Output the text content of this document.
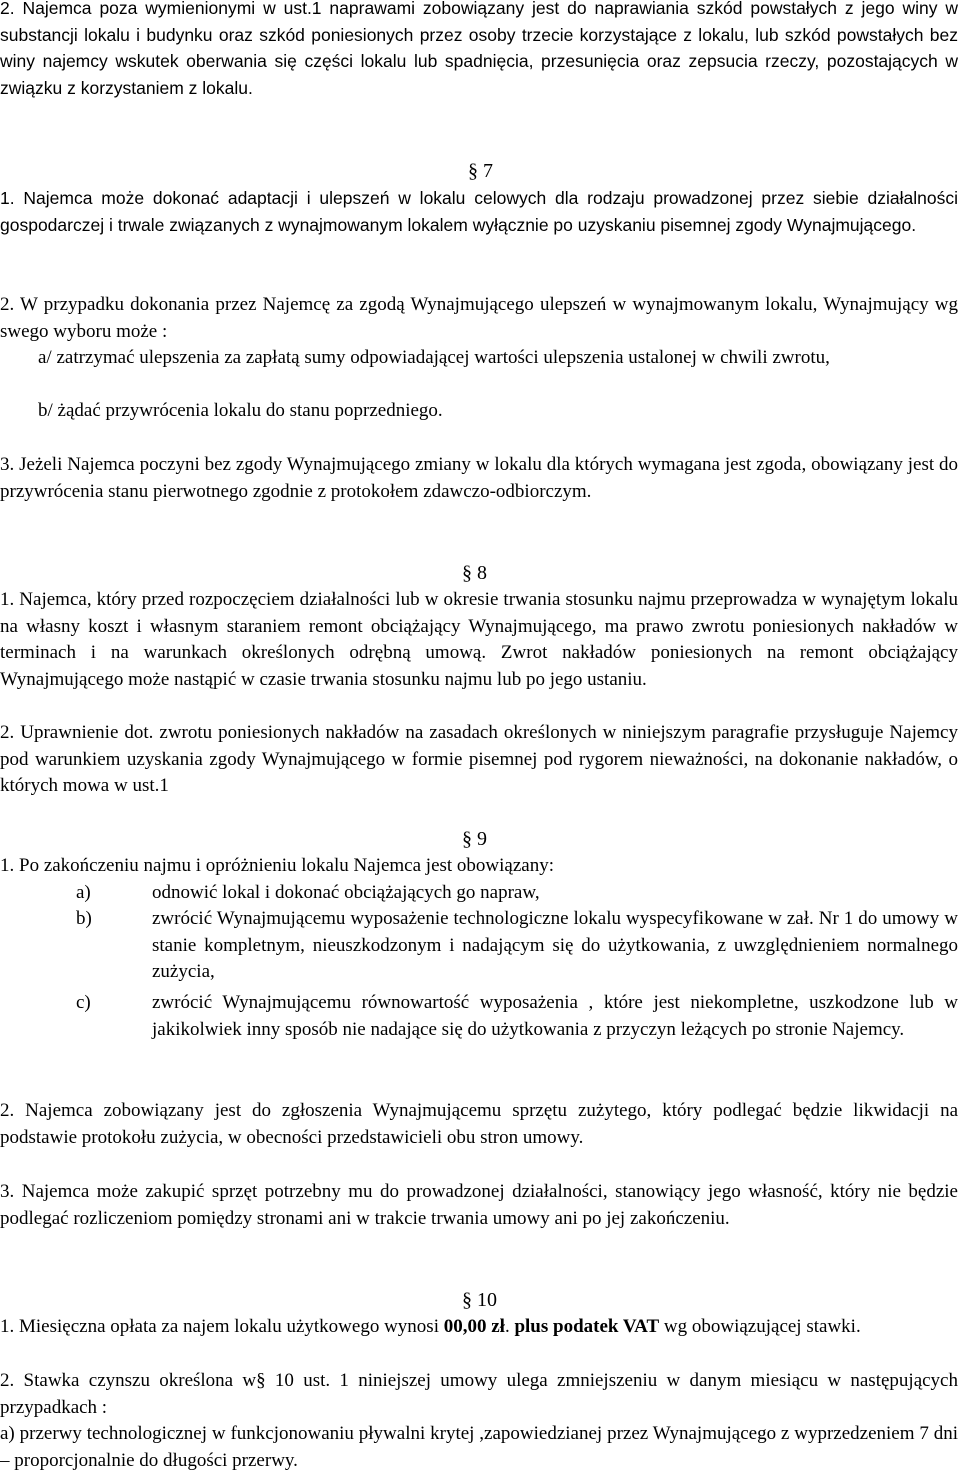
2. Najemca poza wymienionymi w ust.1 naprawami zobowiązany jest do naprawiania szkód powstałych z jego winy w substancji lokalu i budynku oraz szkód poniesionych przez osoby trzecie korzystające z lokalu, lub szkód powstałych bez winy najemcy wskutek oberwania się części lokalu lub spadnięcia, przesunięcia oraz zepsucia rzeczy, pozostających w związku z korzystaniem z lokalu.

§ 7

1. Najemca może dokonać adaptacji i ulepszeń w lokalu celowych dla rodzaju prowadzonej przez siebie działalności gospodarczej i trwale związanych z wynajmowanym lokalem wyłącznie po uzyskaniu pisemnej zgody Wynajmującego.

2. W przypadku dokonania przez Najemcę za zgodą Wynajmującego ulepszeń w wynajmowanym lokalu, Wynajmujący wg swego wyboru może :

a/ zatrzymać ulepszenia za zapłatą sumy odpowiadającej wartości ulepszenia ustalonej w chwili zwrotu,

b/ żądać przywrócenia lokalu do stanu poprzedniego.

3. Jeżeli Najemca poczyni bez zgody Wynajmującego zmiany w lokalu dla których wymagana jest zgoda, obowiązany jest do przywrócenia stanu pierwotnego zgodnie z protokołem zdawczo-odbiorczym.

§ 8

1. Najemca, który przed rozpoczęciem działalności lub w okresie trwania stosunku najmu przeprowadza w wynajętym lokalu na własny koszt i własnym staraniem remont obciążający Wynajmującego, ma prawo zwrotu poniesionych nakładów w terminach i na warunkach określonych odrębną umową. Zwrot nakładów poniesionych na remont obciążający Wynajmującego może nastąpić w czasie trwania stosunku najmu lub po jego ustaniu.

2. Uprawnienie dot. zwrotu poniesionych nakładów na zasadach określonych w niniejszym paragrafie przysługuje Najemcy pod warunkiem uzyskania zgody Wynajmującego w formie pisemnej pod rygorem nieważności, na dokonanie nakładów, o których mowa w ust.1

§ 9

1. Po zakończeniu najmu i opróżnieniu lokalu Najemca jest obowiązany:

a)	odnowić lokal i dokonać obciążających go napraw,
b)	zwrócić Wynajmującemu wyposażenie technologiczne lokalu wyspecyfikowane w zał. Nr 1 do umowy w stanie kompletnym, nieuszkodzonym i nadającym się do użytkowania, z uwzględnieniem normalnego zużycia,
c)	zwrócić Wynajmującemu równowartość wyposażenia , które jest niekompletne, uszkodzone lub w jakikolwiek inny sposób nie nadające się do użytkowania z przyczyn leżących po stronie Najemcy.

2. Najemca zobowiązany jest do zgłoszenia Wynajmującemu sprzętu zużytego, który podlegać będzie likwidacji na podstawie protokołu zużycia, w obecności przedstawicieli obu stron umowy.

3. Najemca może zakupić sprzęt potrzebny mu do prowadzonej działalności, stanowiący jego własność, który nie będzie podlegać rozliczeniom pomiędzy stronami ani w trakcie trwania umowy ani po jej zakończeniu.

§ 10

1. Miesięczna opłata za najem lokalu użytkowego wynosi 00,00 zł. plus podatek VAT wg obowiązującej stawki.

2. Stawka czynszu określona w§ 10 ust. 1 niniejszej umowy ulega zmniejszeniu w danym miesiącu w następujących przypadkach :

a) przerwy technologicznej w funkcjonowaniu pływalni krytej ,zapowiedzianej przez Wynajmującego z wyprzedzeniem 7 dni – proporcjonalnie do długości przerwy.
